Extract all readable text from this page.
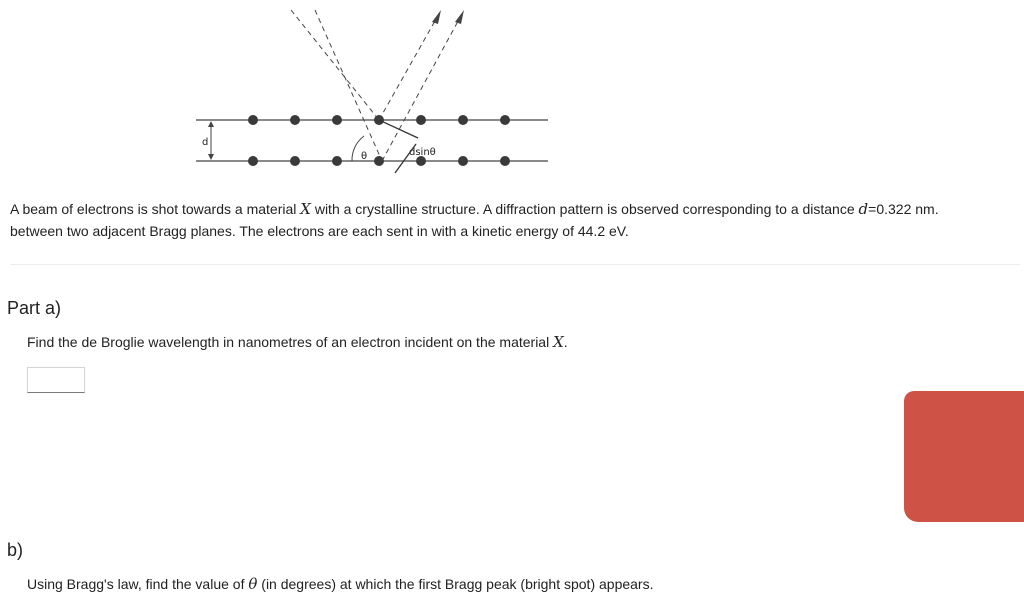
d
θ	dsinθ
A beam of electrons is shot towards a material X with a crystalline structure. A diffraction pattern is observed corresponding to a distance d=0.322 nm.
between two adjacent Bragg planes. The electrons are each sent in with a kinetic energy of 44.2 eV.
Part a)
Find the de Broglie wavelength in nanometres of an electron incident on the material X.
b)
Using Bragg's law, find the value of θ (in degrees) at which the first Bragg peak (bright spot) appears.
